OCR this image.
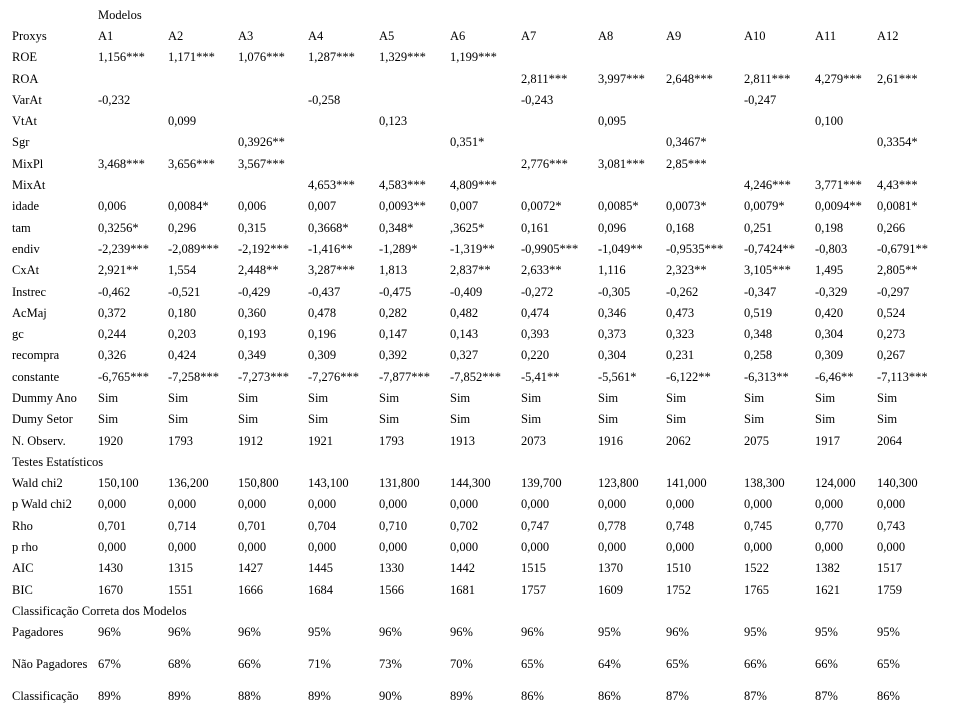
	Modelos											
Proxys	A1	A2	A3	A4	A5	A6	A7	A8	A9	A10	A11	A12
ROE	1,156***	1,171***	1,076***	1,287***	1,329***	1,199***						
ROA							2,811***	3,997***	2,648***	2,811***	4,279***	2,61***
VarAt	-0,232			-0,258			-0,243			-0,247		
VtAt		0,099			0,123			0,095			0,100	
Sgr			0,3926**			0,351*			0,3467*			0,3354*
MixPl	3,468***	3,656***	3,567***				2,776***	3,081***	2,85***			
MixAt				4,653***	4,583***	4,809***				4,246***	3,771***	4,43***
idade	0,006	0,0084*	0,006	0,007	0,0093**	0,007	0,0072*	0,0085*	0,0073*	0,0079*	0,0094**	0,0081*
tam	0,3256*	0,296	0,315	0,3668*	0,348*	,3625*	0,161	0,096	0,168	0,251	0,198	0,266
endiv	-2,239***	-2,089***	-2,192***	-1,416**	-1,289*	-1,319**	-0,9905***	-1,049**	-0,9535***	-0,7424**	-0,803	-0,6791**
CxAt	2,921**	1,554	2,448**	3,287***	1,813	2,837**	2,633**	1,116	2,323**	3,105***	1,495	2,805**
Instrec	-0,462	-0,521	-0,429	-0,437	-0,475	-0,409	-0,272	-0,305	-0,262	-0,347	-0,329	-0,297
AcMaj	0,372	0,180	0,360	0,478	0,282	0,482	0,474	0,346	0,473	0,519	0,420	0,524
gc	0,244	0,203	0,193	0,196	0,147	0,143	0,393	0,373	0,323	0,348	0,304	0,273
recompra	0,326	0,424	0,349	0,309	0,392	0,327	0,220	0,304	0,231	0,258	0,309	0,267
constante	-6,765***	-7,258***	-7,273***	-7,276***	-7,877***	-7,852***	-5,41**	-5,561*	-6,122**	-6,313**	-6,46**	-7,113***
Dummy Ano	Sim	Sim	Sim	Sim	Sim	Sim	Sim	Sim	Sim	Sim	Sim	Sim
Dumy Setor	Sim	Sim	Sim	Sim	Sim	Sim	Sim	Sim	Sim	Sim	Sim	Sim
N. Observ.	1920	1793	1912	1921	1793	1913	2073	1916	2062	2075	1917	2064
Testes Estatísticos												
Wald chi2	150,100	136,200	150,800	143,100	131,800	144,300	139,700	123,800	141,000	138,300	124,000	140,300
p Wald chi2	0,000	0,000	0,000	0,000	0,000	0,000	0,000	0,000	0,000	0,000	0,000	0,000
Rho	0,701	0,714	0,701	0,704	0,710	0,702	0,747	0,778	0,748	0,745	0,770	0,743
p rho	0,000	0,000	0,000	0,000	0,000	0,000	0,000	0,000	0,000	0,000	0,000	0,000
AIC	1430	1315	1427	1445	1330	1442	1515	1370	1510	1522	1382	1517
BIC	1670	1551	1666	1684	1566	1681	1757	1609	1752	1765	1621	1759
Classificação Correta dos Modelos												
Pagadores	96%	96%	96%	95%	96%	96%	96%	95%	96%	95%	95%	95%
Não Pagadores	67%	68%	66%	71%	73%	70%	65%	64%	65%	66%	66%	65%
Classificação	89%	89%	88%	89%	90%	89%	86%	86%	87%	87%	87%	86%
